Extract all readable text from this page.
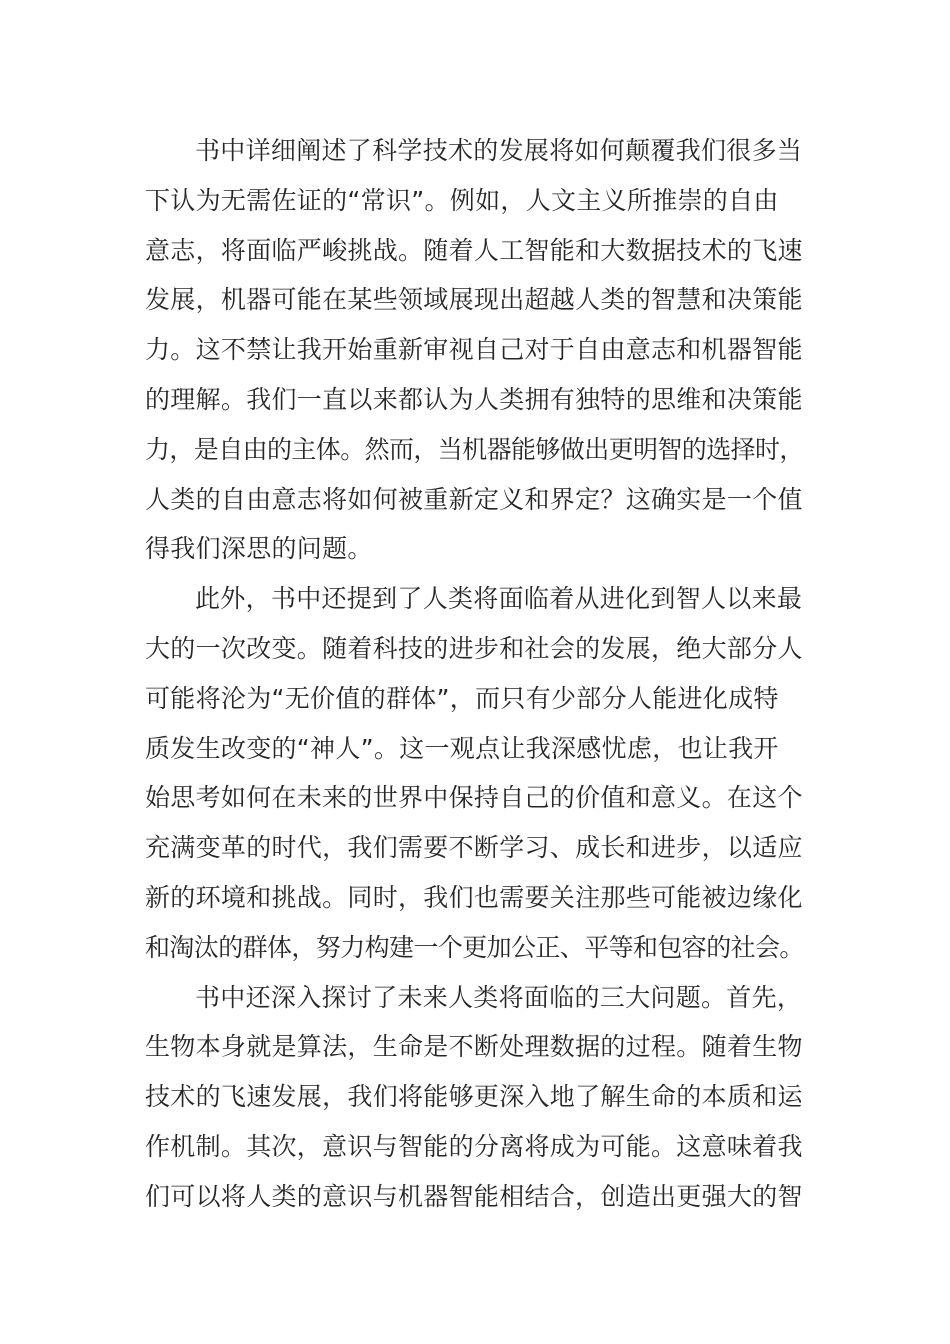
书中详细阐述了科学技术的发展将如何颠覆我们很多当
下认为无需佐证的“常识”。例如，人文主义所推崇的自由
意志，将面临严峻挑战。随着人工智能和大数据技术的飞速
发展，机器可能在某些领域展现出超越人类的智慧和决策能
力。这不禁让我开始重新审视自己对于自由意志和机器智能
的理解。我们一直以来都认为人类拥有独特的思维和决策能
力，是自由的主体。然而，当机器能够做出更明智的选择时，
人类的自由意志将如何被重新定义和界定？这确实是一个值
得我们深思的问题。
此外，书中还提到了人类将面临着从进化到智人以来最
大的一次改变。随着科技的进步和社会的发展，绝大部分人
可能将沦为“无价值的群体”，而只有少部分人能进化成特
质发生改变的“神人”。这一观点让我深感忧虑，也让我开
始思考如何在未来的世界中保持自己的价值和意义。在这个
充满变革的时代，我们需要不断学习、成长和进步，以适应
新的环境和挑战。同时，我们也需要关注那些可能被边缘化
和淘汰的群体，努力构建一个更加公正、平等和包容的社会。
书中还深入探讨了未来人类将面临的三大问题。首先，
生物本身就是算法，生命是不断处理数据的过程。随着生物
技术的飞速发展，我们将能够更深入地了解生命的本质和运
作机制。其次，意识与智能的分离将成为可能。这意味着我
们可以将人类的意识与机器智能相结合，创造出更强大的智
